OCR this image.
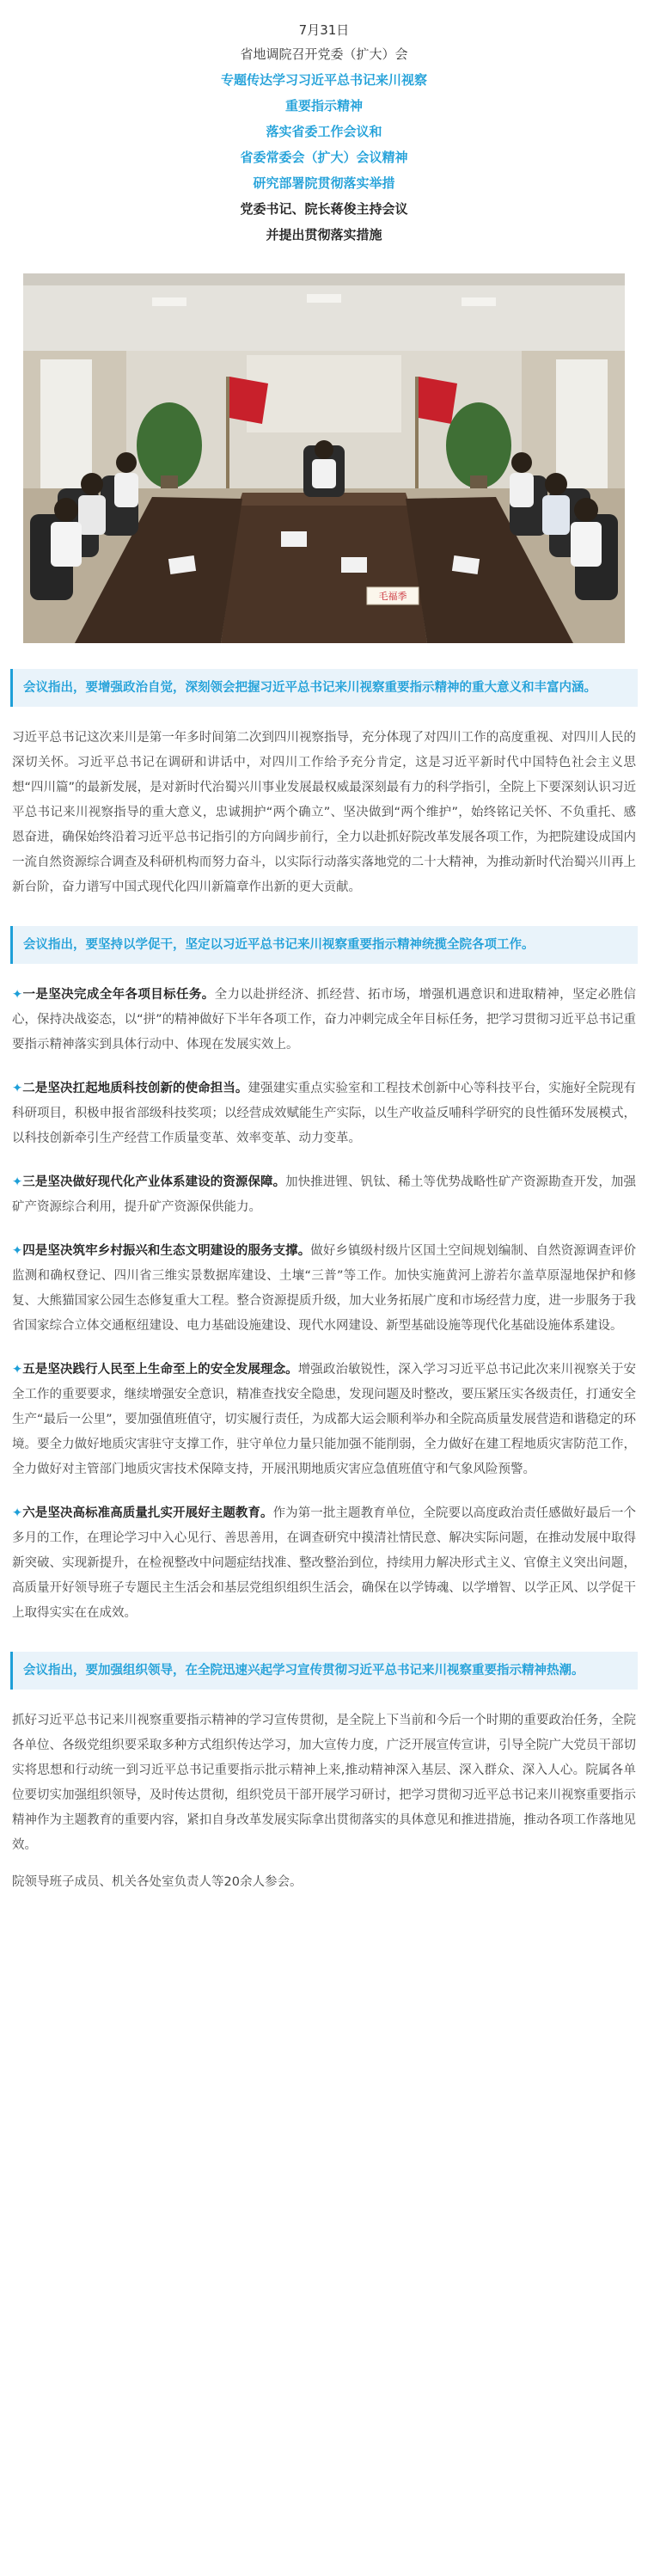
7月31日
省地调院召开党委（扩大）会
专题传达学习习近平总书记来川视察
重要指示精神
落实省委工作会议和
省委常委会（扩大）会议精神
研究部署院贯彻落实举措
党委书记、院长蒋俊主持会议
并提出贯彻落实措施
毛福季

会议指出，要增强政治自觉，深刻领会把握习近平总书记来川视察重要指示精神的重大意义和丰富内涵。

习近平总书记这次来川是第一年多时间第二次到四川视察指导，充分体现了对四川工作的高度重视、对四川人民的深切关怀。习近平总书记在调研和讲话中，对四川工作给予充分肯定，这是习近平新时代中国特色社会主义思想“四川篇”的最新发展，是对新时代治蜀兴川事业发展最权威最深刻最有力的科学指引，全院上下要深刻认识习近平总书记来川视察指导的重大意义，忠诚拥护“两个确立”、坚决做到“两个维护”，始终铭记关怀、不负重托、感恩奋进，确保始终沿着习近平总书记指引的方向阔步前行，全力以赴抓好院改革发展各项工作，为把院建设成国内一流自然资源综合调查及科研机构而努力奋斗，以实际行动落实落地党的二十大精神，为推动新时代治蜀兴川再上新台阶，奋力谱写中国式现代化四川新篇章作出新的更大贡献。

会议指出，要坚持以学促干，坚定以习近平总书记来川视察重要指示精神统揽全院各项工作。

✦一是坚决完成全年各项目标任务。全力以赴拼经济、抓经营、拓市场，增强机遇意识和进取精神，坚定必胜信心，保持决战姿态，以“拼”的精神做好下半年各项工作，奋力冲刺完成全年目标任务，把学习贯彻习近平总书记重要指示精神落实到具体行动中、体现在发展实效上。

✦二是坚决扛起地质科技创新的使命担当。建强建实重点实验室和工程技术创新中心等科技平台，实施好全院现有科研项目，积极申报省部级科技奖项；以经营成效赋能生产实际，以生产收益反哺科学研究的良性循环发展模式，以科技创新牵引生产经营工作质量变革、效率变革、动力变革。

✦三是坚决做好现代化产业体系建设的资源保障。加快推进锂、钒钛、稀土等优势战略性矿产资源勘查开发，加强矿产资源综合利用，提升矿产资源保供能力。

✦四是坚决筑牢乡村振兴和生态文明建设的服务支撑。做好乡镇级村级片区国土空间规划编制、自然资源调查评价监测和确权登记、四川省三维实景数据库建设、土壤“三普”等工作。加快实施黄河上游若尔盖草原湿地保护和修复、大熊猫国家公园生态修复重大工程。整合资源提质升级，加大业务拓展广度和市场经营力度，进一步服务于我省国家综合立体交通枢纽建设、电力基础设施建设、现代水网建设、新型基础设施等现代化基础设施体系建设。

✦五是坚决践行人民至上生命至上的安全发展理念。增强政治敏锐性，深入学习习近平总书记此次来川视察关于安全工作的重要要求，继续增强安全意识，精准查找安全隐患，发现问题及时整改，要压紧压实各级责任，打通安全生产“最后一公里”，要加强值班值守，切实履行责任，为成都大运会顺利举办和全院高质量发展营造和谐稳定的环境。要全力做好地质灾害驻守支撑工作，驻守单位力量只能加强不能削弱，全力做好在建工程地质灾害防范工作，全力做好对主管部门地质灾害技术保障支持，开展汛期地质灾害应急值班值守和气象风险预警。

✦六是坚决高标准高质量扎实开展好主题教育。作为第一批主题教育单位，全院要以高度政治责任感做好最后一个多月的工作，在理论学习中入心见行、善思善用，在调查研究中摸清社情民意、解决实际问题，在推动发展中取得新突破、实现新提升，在检视整改中问题症结找准、整改整治到位，持续用力解决形式主义、官僚主义突出问题，高质量开好领导班子专题民主生活会和基层党组织组织生活会，确保在以学铸魂、以学增智、以学正风、以学促干上取得实实在在成效。

会议指出，要加强组织领导，在全院迅速兴起学习宣传贯彻习近平总书记来川视察重要指示精神热潮。

抓好习近平总书记来川视察重要指示精神的学习宣传贯彻，是全院上下当前和今后一个时期的重要政治任务，全院各单位、各级党组织要采取多种方式组织传达学习，加大宣传力度，广泛开展宣传宣讲，引导全院广大党员干部切实将思想和行动统一到习近平总书记重要指示批示精神上来,推动精神深入基层、深入群众、深入人心。院属各单位要切实加强组织领导，及时传达贯彻，组织党员干部开展学习研讨，把学习贯彻习近平总书记来川视察重要指示精神作为主题教育的重要内容，紧扣自身改革发展实际拿出贯彻落实的具体意见和推进措施，推动各项工作落地见效。

院领导班子成员、机关各处室负责人等20余人参会。
